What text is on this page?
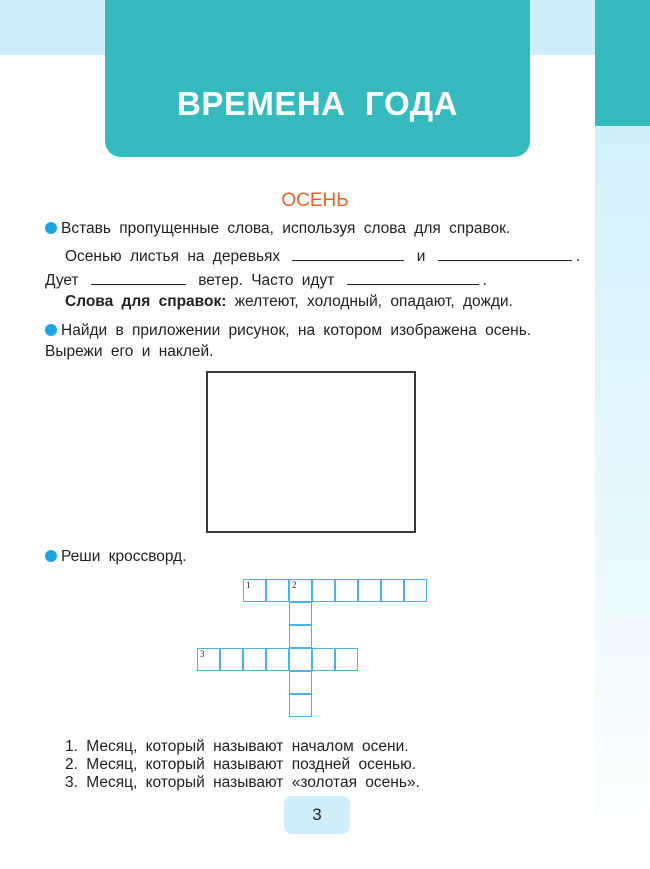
ВРЕМЕНА ГОДА
ОСЕНЬ
Вставь пропущенные слова, используя слова для справок.
Осенью листья на деревьях	и	.
Дует	ветер. Часто идут	.
Слова для справок: желтеют, холодный, опадают, дожди.
Найди в приложении рисунок, на котором изображена осень.
Вырежи его и наклей.
Реши кроссворд.
1	2
3
1. Месяц, который называют началом осени.
2. Месяц, который называют поздней осенью.
3. Месяц, который называют «золотая осень».
3
